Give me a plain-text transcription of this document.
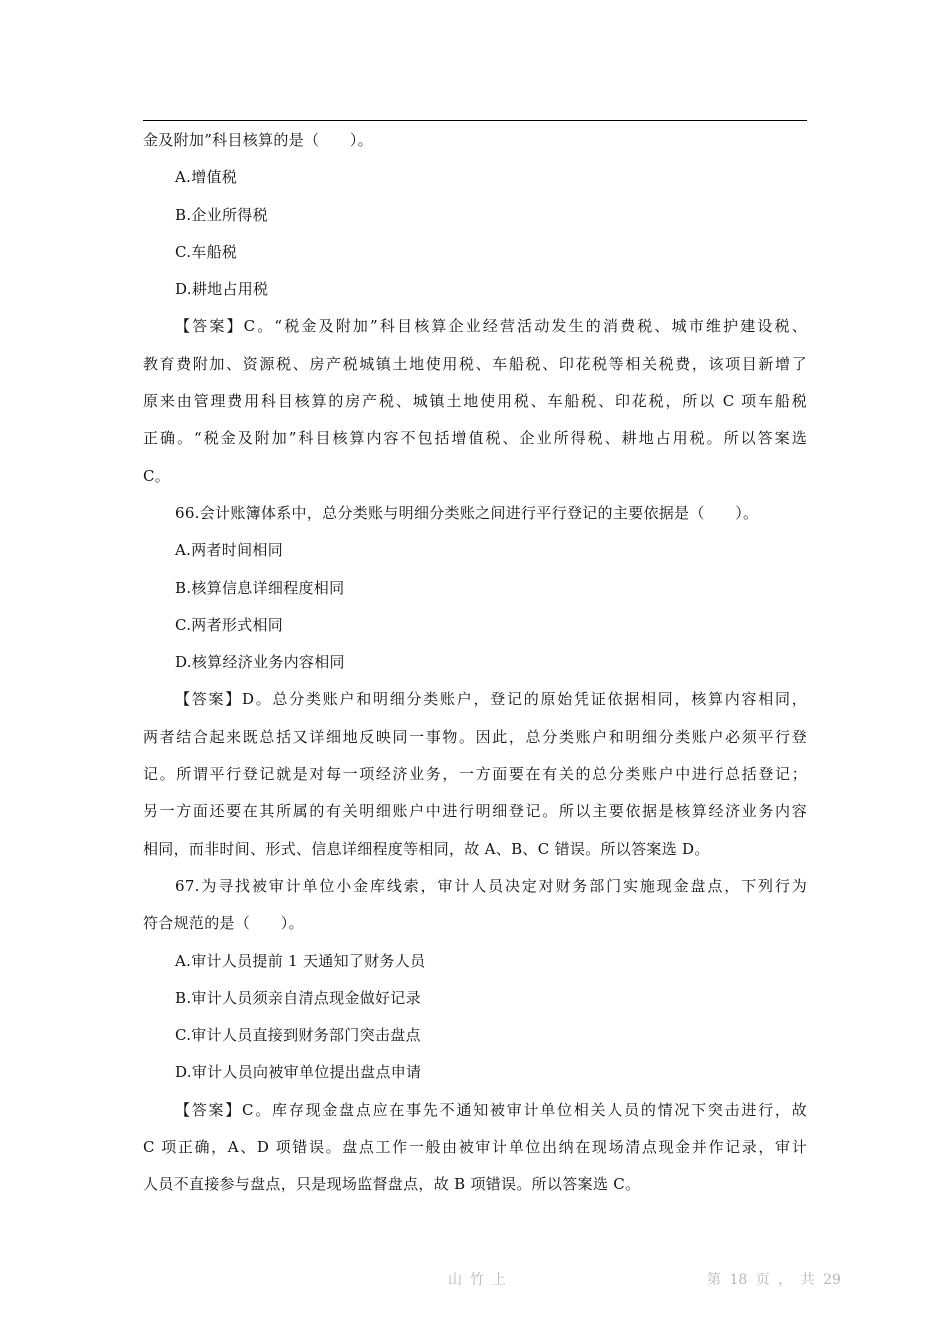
金及附加”科目核算的是（　　）。
A.增值税
B.企业所得税
C.车船税
D.耕地占用税
【答案】C。“税金及附加”科目核算企业经营活动发生的消费税、城市维护建设税、
教育费附加、资源税、房产税城镇土地使用税、车船税、印花税等相关税费，该项目新增了
原来由管理费用科目核算的房产税、城镇土地使用税、车船税、印花税，所以 C 项车船税
正确。“税金及附加”科目核算内容不包括增值税、企业所得税、耕地占用税。所以答案选
C。
66.会计账簿体系中，总分类账与明细分类账之间进行平行登记的主要依据是（　　）。
A.两者时间相同
B.核算信息详细程度相同
C.两者形式相同
D.核算经济业务内容相同
【答案】D。总分类账户和明细分类账户，登记的原始凭证依据相同，核算内容相同，
两者结合起来既总括又详细地反映同一事物。因此，总分类账户和明细分类账户必须平行登
记。所谓平行登记就是对每一项经济业务，一方面要在有关的总分类账户中进行总括登记；
另一方面还要在其所属的有关明细账户中进行明细登记。所以主要依据是核算经济业务内容
相同，而非时间、形式、信息详细程度等相同，故 A、B、C 错误。所以答案选 D。
67.为寻找被审计单位小金库线索，审计人员决定对财务部门实施现金盘点，下列行为
符合规范的是（　　）。
A.审计人员提前 1 天通知了财务人员
B.审计人员须亲自清点现金做好记录
C.审计人员直接到财务部门突击盘点
D.审计人员向被审单位提出盘点申请
【答案】C。库存现金盘点应在事先不通知被审计单位相关人员的情况下突击进行，故
C 项正确，A、D 项错误。盘点工作一般由被审计单位出纳在现场清点现金并作记录，审计
人员不直接参与盘点，只是现场监督盘点，故 B 项错误。所以答案选 C。
山竹上	第 18 页 ， 共 29
